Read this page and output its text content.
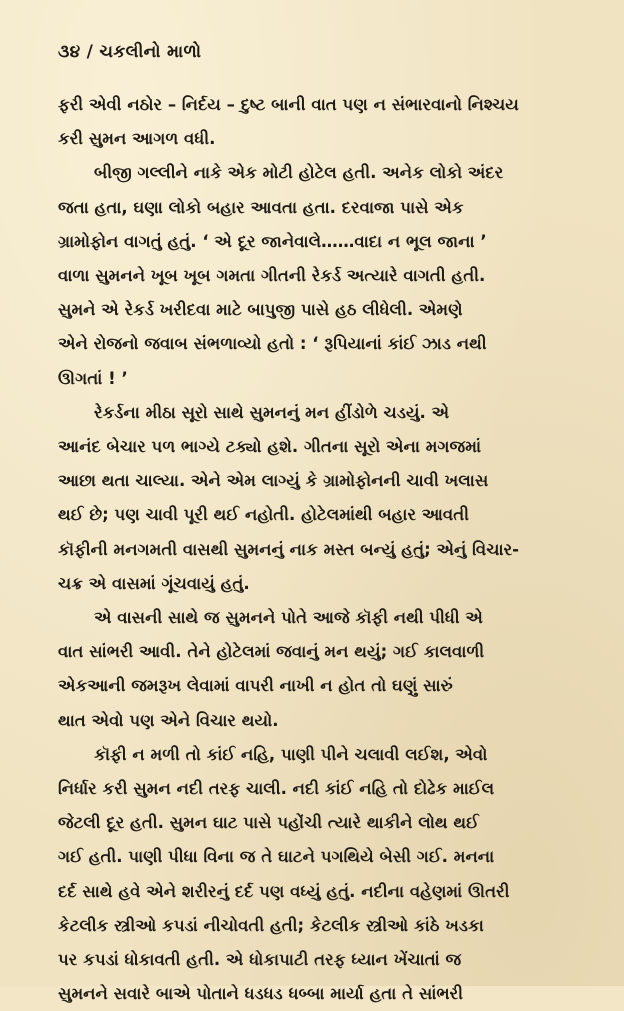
૩૪ / ચકલીનો માળો

ફરી એવી નઠોર – નિર્દય – દુષ્ટ બાની વાત પણ ન સંભારવાનો નિશ્ચય
કરી સુમન આગળ વધી.

બીજી ગલ્લીને નાકે એક મોટી હોટેલ હતી. અનેક લોકો અંદર
જતા હતા, ઘણા લોકો બહાર આવતા હતા. દરવાજા પાસે એક
ગ્રામોફોન વાગતું હતું. ‘ એ દૂર જાનેવાલે……વાદા ન ભૂલ જાના ’
વાળા સુમનને ખૂબ ખૂબ ગમતા ગીતની રેકર્ડ અત્યારે વાગતી હતી.
સુમને એ રેકર્ડ ખરીદવા માટે બાપુજી પાસે હઠ લીધેલી. એમણે
એને રોજનો જવાબ સંભળાવ્યો હતો : ‘ રૂપિયાનાં કાંઈ ઝાડ નથી
ઊગતાં ! ’

રેકર્ડના મીઠા સૂરો સાથે સુમનનું મન હીંડોળે ચડયું. એ
આનંદ બેચાર પળ ભાગ્યે ટક્યો હશે. ગીતના સૂરો એના મગજમાં
આછા થતા ચાલ્યા. એને એમ લાગ્યું કે ગ્રામોફોનની ચાવી ખલાસ
થઈ છે; પણ ચાવી પૂરી થઈ નહોતી. હોટેલમાંથી બહાર આવતી
કૉફીની મનગમતી વાસથી સુમનનું નાક મસ્ત બન્યું હતું; એનું વિચાર-
ચક્ર એ વાસમાં ગૂંચવાયું હતું.

એ વાસની સાથે જ સુમનને પોતે આજે કૉફી નથી પીધી એ
વાત સાંભરી આવી. તેને હોટેલમાં જવાનું મન થયું; ગઈ કાલવાળી
એકઆની જમરૂખ લેવામાં વાપરી નાખી ન હોત તો ઘણું સારું
થાત એવો પણ એને વિચાર થયો.

કૉફી ન મળી તો કાંઈ નહિ, પાણી પીને ચલાવી લઈશ, એવો
નિર્ધાર કરી સુમન નદી તરફ ચાલી. નદી કાંઈ નહિ તો દોઢેક માઈલ
જેટલી દૂર હતી. સુમન ઘાટ પાસે પહોંચી ત્યારે થાકીને લોથ થઈ
ગઈ હતી. પાણી પીધા વિના જ તે ઘાટને પગથિયે બેસી ગઈ. મનના
દર્દ સાથે હવે એને શરીરનું દર્દ પણ વધ્યું હતું. નદીના વહેણમાં ઊતરી
કેટલીક સ્ત્રીઓ કપડાં નીચોવતી હતી; કેટલીક સ્ત્રીઓ કાંઠે ખડકા
પર કપડાં ધોકાવતી હતી. એ ધોકાપાટી તરફ ધ્યાન ખેંચાતાં જ
સુમનને સવારે બાએ પોતાને ધડધડ ધબ્બા માર્યા હતા તે સાંભરી
